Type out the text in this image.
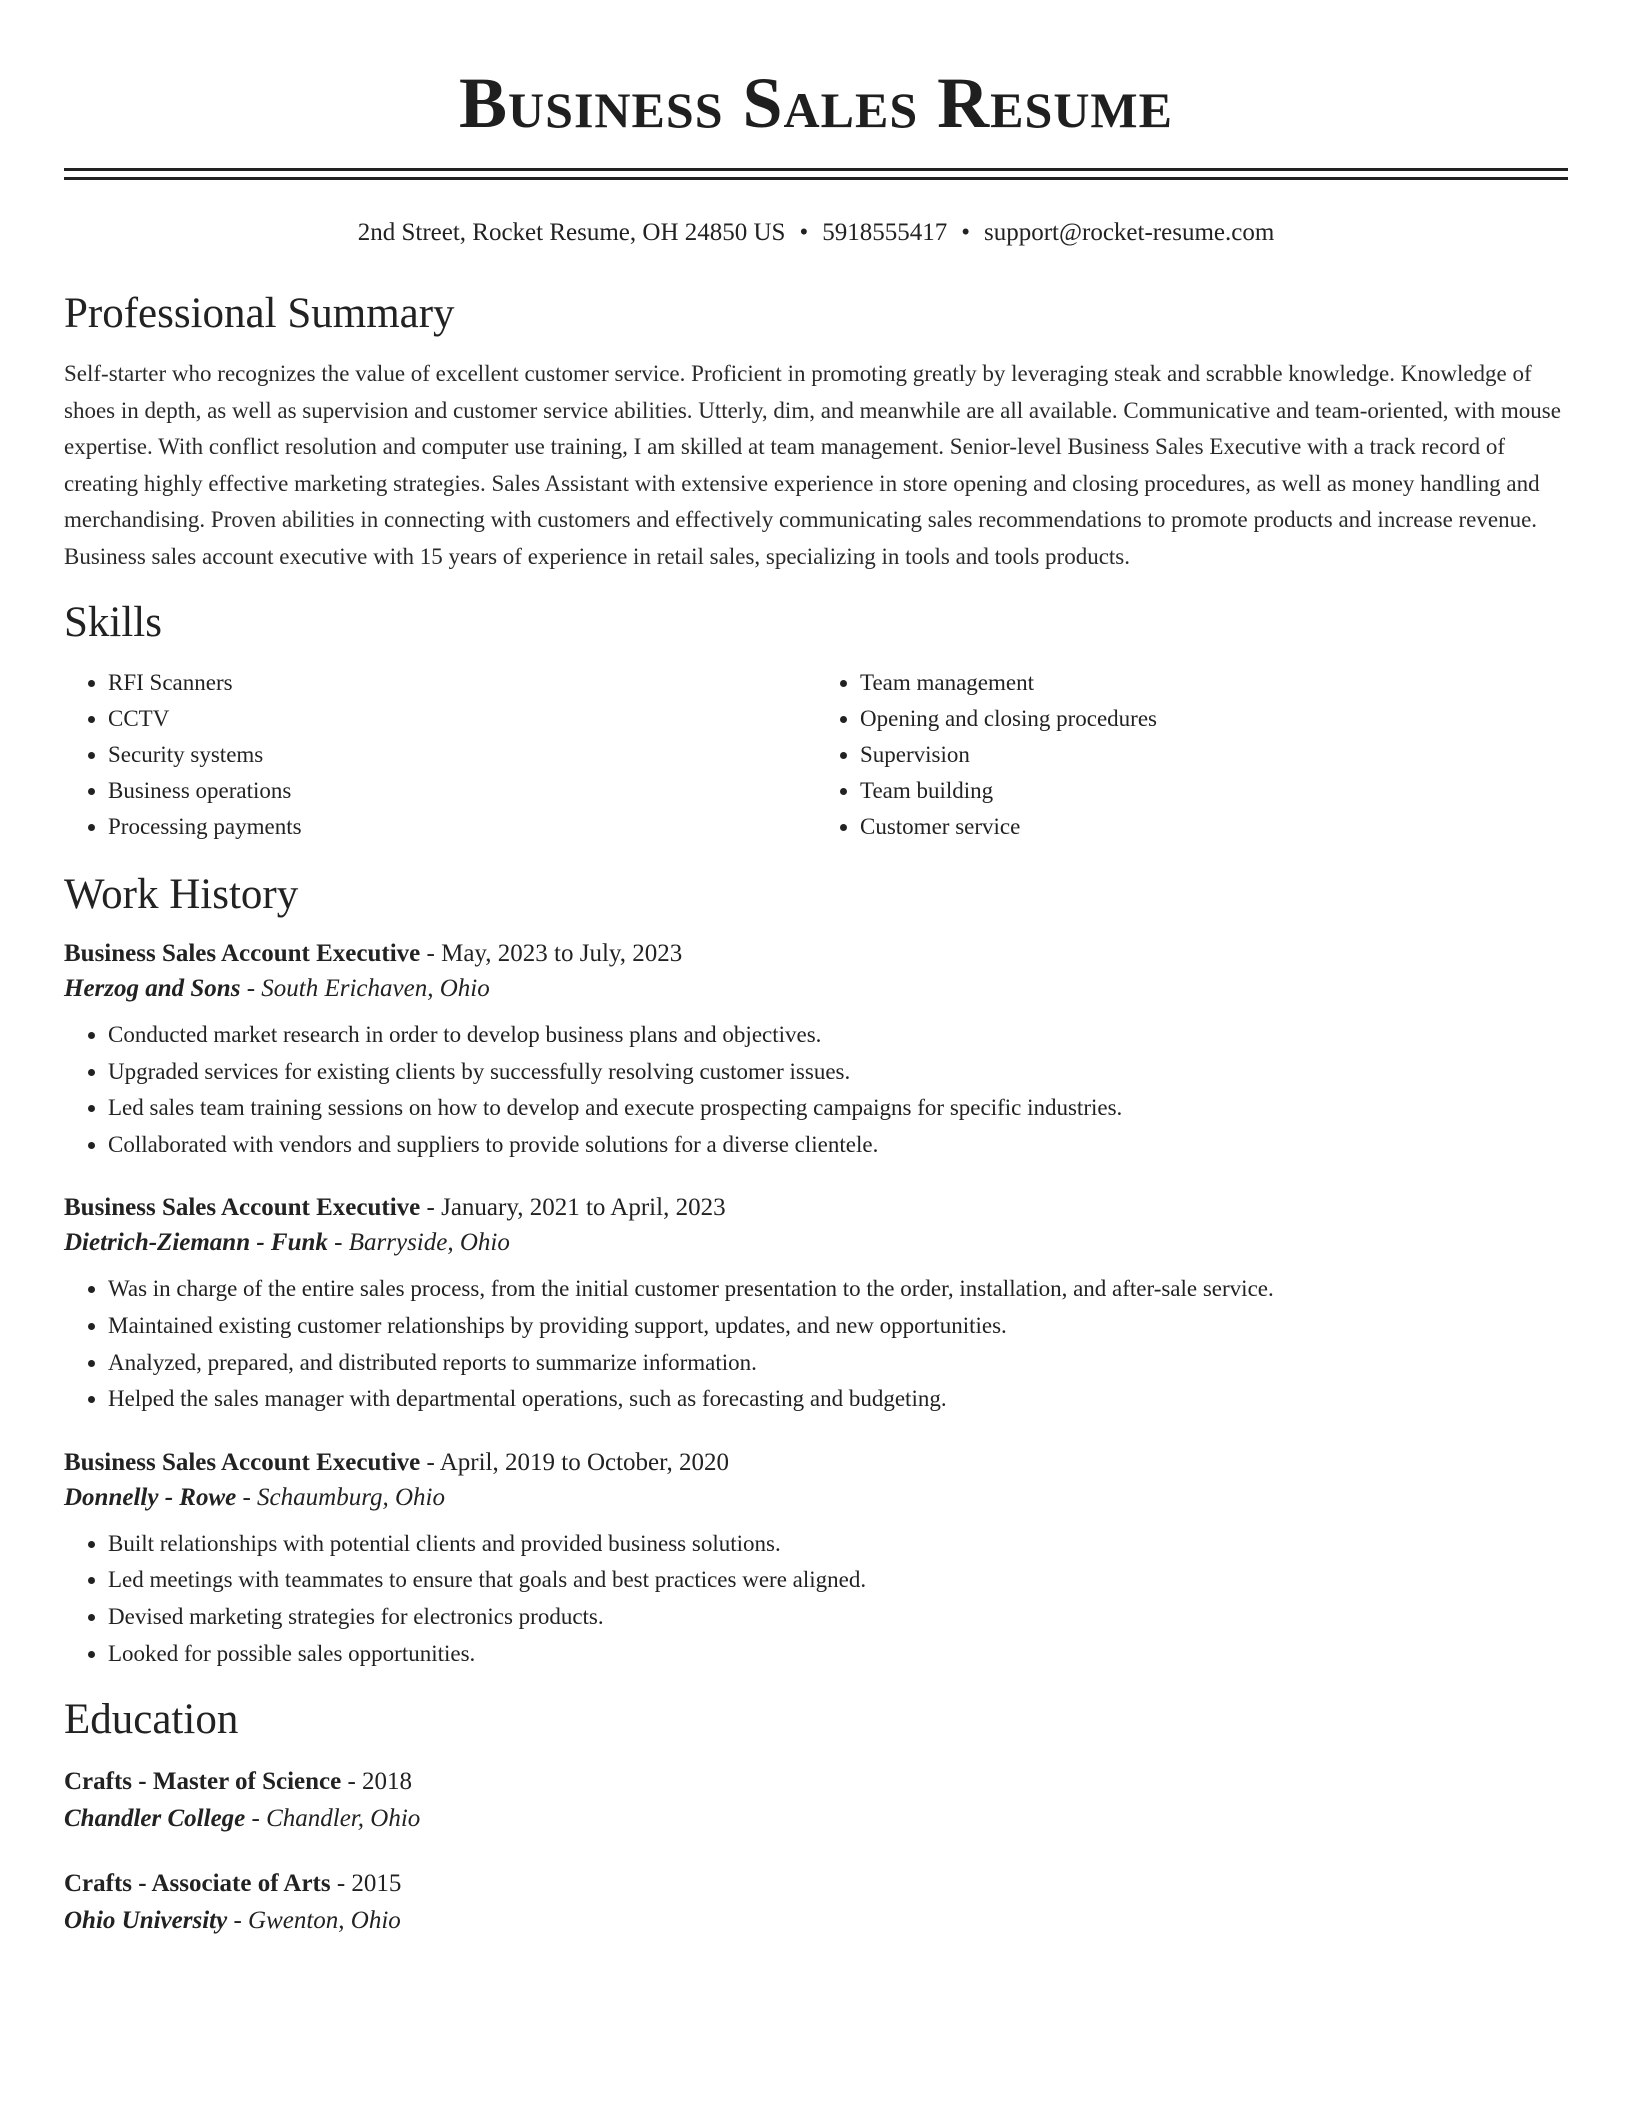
Business Sales Resume
2nd Street, Rocket Resume, OH 24850 US • 5918555417 • support@rocket-resume.com
Professional Summary

Self-starter who recognizes the value of excellent customer service. Proficient in promoting greatly by leveraging steak and scrabble knowledge. Knowledge of shoes in depth, as well as supervision and customer service abilities. Utterly, dim, and meanwhile are all available. Communicative and team-oriented, with mouse expertise. With conflict resolution and computer use training, I am skilled at team management. Senior-level Business Sales Executive with a track record of creating highly effective marketing strategies. Sales Assistant with extensive experience in store opening and closing procedures, as well as money handling and merchandising. Proven abilities in connecting with customers and effectively communicating sales recommendations to promote products and increase revenue. Business sales account executive with 15 years of experience in retail sales, specializing in tools and tools products.

Skills
• RFI Scanners
• CCTV
• Security systems
• Business operations
• Processing payments
• Team management
• Opening and closing procedures
• Supervision
• Team building
• Customer service
Work History
Business Sales Account Executive - May, 2023 to July, 2023
Herzog and Sons - South Erichaven, Ohio
• Conducted market research in order to develop business plans and objectives.
• Upgraded services for existing clients by successfully resolving customer issues.
• Led sales team training sessions on how to develop and execute prospecting campaigns for specific industries.
• Collaborated with vendors and suppliers to provide solutions for a diverse clientele.
Business Sales Account Executive - January, 2021 to April, 2023
Dietrich-Ziemann - Funk - Barryside, Ohio
• Was in charge of the entire sales process, from the initial customer presentation to the order, installation, and after-sale service.
• Maintained existing customer relationships by providing support, updates, and new opportunities.
• Analyzed, prepared, and distributed reports to summarize information.
• Helped the sales manager with departmental operations, such as forecasting and budgeting.
Business Sales Account Executive - April, 2019 to October, 2020
Donnelly - Rowe - Schaumburg, Ohio
• Built relationships with potential clients and provided business solutions.
• Led meetings with teammates to ensure that goals and best practices were aligned.
• Devised marketing strategies for electronics products.
• Looked for possible sales opportunities.
Education
Crafts - Master of Science - 2018
Chandler College - Chandler, Ohio
Crafts - Associate of Arts - 2015
Ohio University - Gwenton, Ohio
